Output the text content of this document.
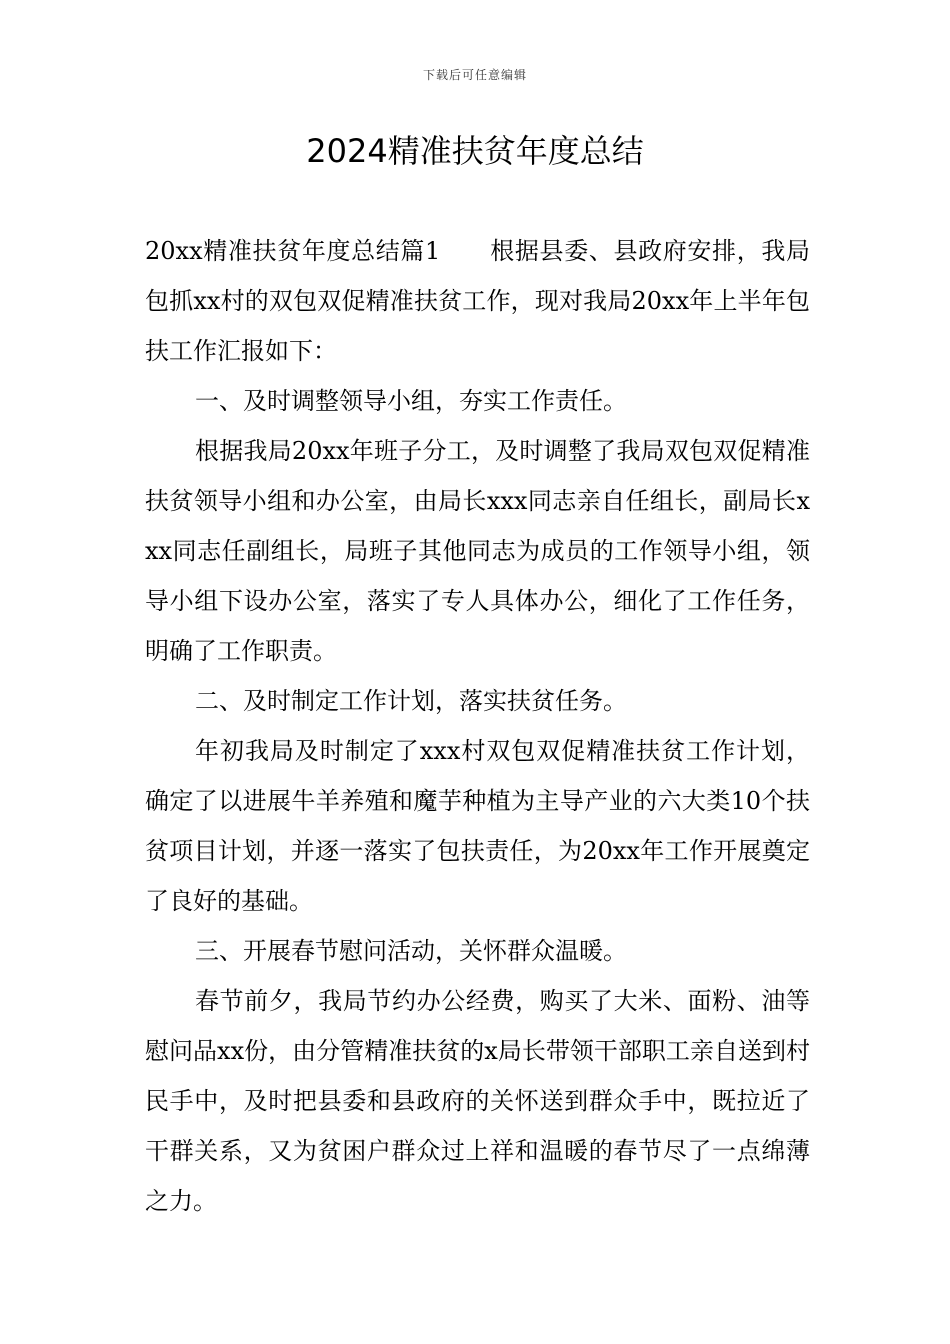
下载后可任意编辑
2024精准扶贫年度总结

20xx精准扶贫年度总结篇1　　根据县委、县政府安排，我局包抓xx村的双包双促精准扶贫工作，现对我局20xx年上半年包扶工作汇报如下：

一、及时调整领导小组，夯实工作责任。

根据我局20xx年班子分工，及时调整了我局双包双促精准扶贫领导小组和办公室，由局长xxx同志亲自任组长，副局长xxx同志任副组长，局班子其他同志为成员的工作领导小组，领导小组下设办公室，落实了专人具体办公，细化了工作任务，明确了工作职责。

二、及时制定工作计划，落实扶贫任务。

年初我局及时制定了xxx村双包双促精准扶贫工作计划，确定了以进展牛羊养殖和魔芋种植为主导产业的六大类10个扶贫项目计划，并逐一落实了包扶责任，为20xx年工作开展奠定了良好的基础。

三、开展春节慰问活动，关怀群众温暖。

春节前夕，我局节约办公经费，购买了大米、面粉、油等慰问品xx份，由分管精准扶贫的x局长带领干部职工亲自送到村民手中，及时把县委和县政府的关怀送到群众手中，既拉近了干群关系，又为贫困户群众过上祥和温暖的春节尽了一点绵薄之力。
